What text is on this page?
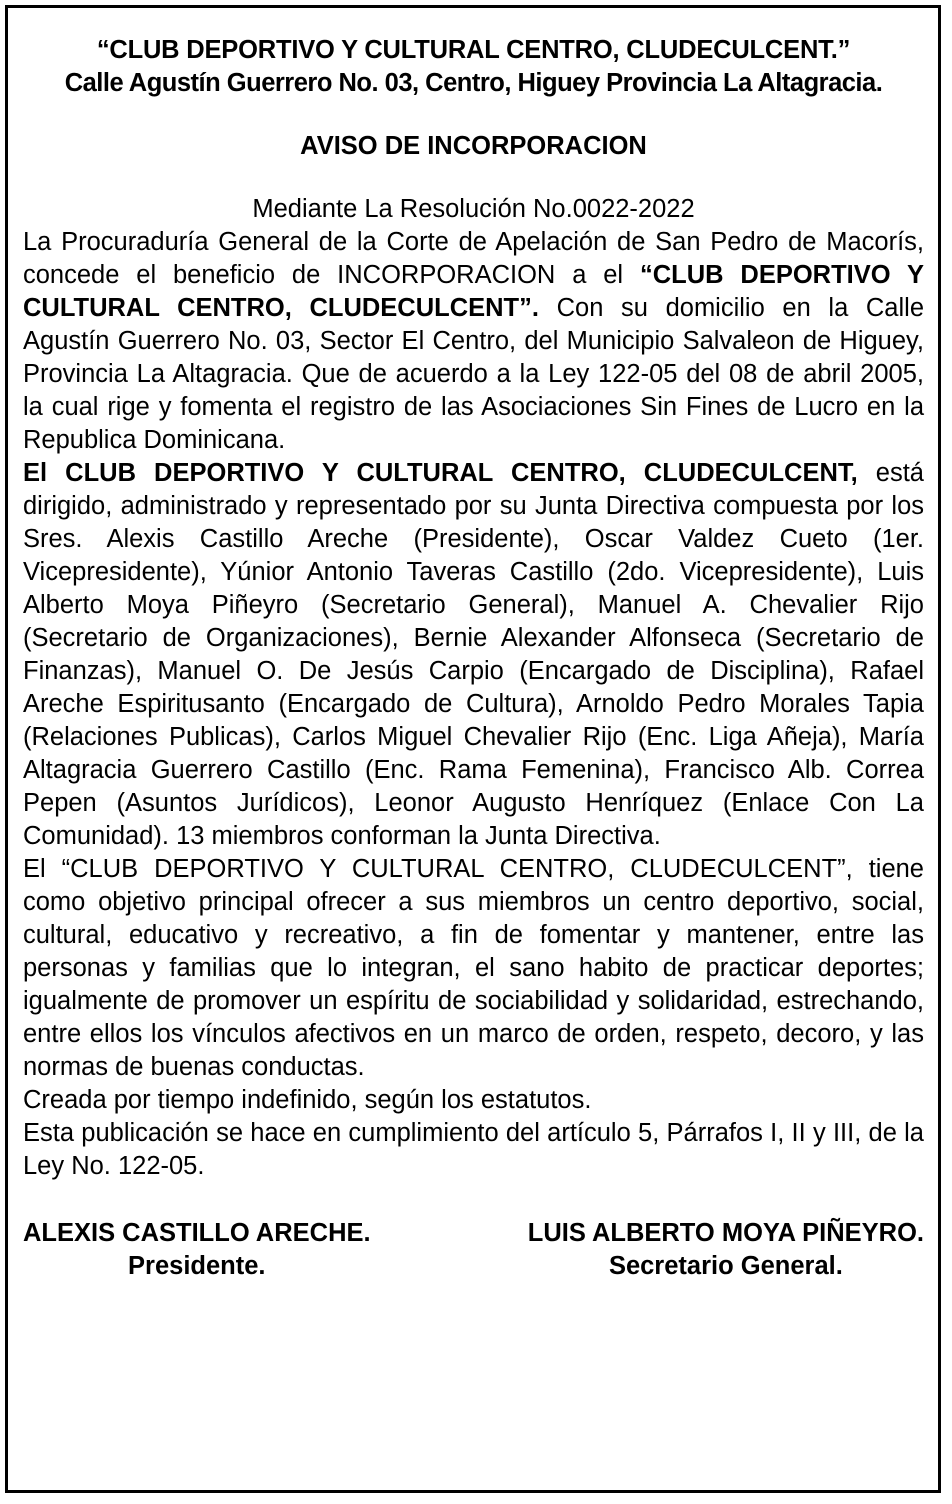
“CLUB DEPORTIVO Y CULTURAL CENTRO, CLUDECULCENT.”
Calle Agustín Guerrero No. 03, Centro, Higuey Provincia La Altagracia.
AVISO DE INCORPORACION
Mediante La Resolución No.0022-2022

La Procuraduría General de la Corte de Apelación de San Pedro de Macorís, concede el beneficio de INCORPORACION a el “CLUB DEPORTIVO Y CULTURAL CENTRO, CLUDECULCENT”. Con su domicilio en la Calle Agustín Guerrero No. 03, Sector El Centro, del Municipio Salvaleon de Higuey, Provincia La Altagracia. Que de acuerdo a la Ley 122-05 del 08 de abril 2005, la cual rige y fomenta el registro de las Asociaciones Sin Fines de Lucro en la Republica Dominicana.

El CLUB DEPORTIVO Y CULTURAL CENTRO, CLUDECULCENT, está dirigido, administrado y representado por su Junta Directiva compuesta por los Sres. Alexis Castillo Areche (Presidente), Oscar Valdez Cueto (1er. Vicepresidente), Yúnior Antonio Taveras Castillo (2do. Vicepresidente), Luis Alberto Moya Piñeyro (Secretario General), Manuel A. Chevalier Rijo (Secretario de Organizaciones), Bernie Alexander Alfonseca (Secretario de Finanzas), Manuel O. De Jesús Carpio (Encargado de Disciplina), Rafael Areche Espiritusanto (Encargado de Cultura), Arnoldo Pedro Morales Tapia (Relaciones Publicas), Carlos Miguel Chevalier Rijo (Enc. Liga Añeja), María Altagracia Guerrero Castillo (Enc. Rama Femenina), Francisco Alb. Correa Pepen (Asuntos Jurídicos), Leonor Augusto Henríquez (Enlace Con La Comunidad). 13 miembros conforman la Junta Directiva.

El “CLUB DEPORTIVO Y CULTURAL CENTRO, CLUDECULCENT”, tiene como objetivo principal ofrecer a sus miembros un centro deportivo, social, cultural, educativo y recreativo, a fin de fomentar y mantener, entre las personas y familias que lo integran, el sano habito de practicar deportes; igualmente de promover un espíritu de sociabilidad y solidaridad, estrechando, entre ellos los vínculos afectivos en un marco de orden, respeto, decoro, y las normas de buenas conductas.

Creada por tiempo indefinido, según los estatutos.

Esta publicación se hace en cumplimiento del artículo 5, Párrafos I, II y III, de la Ley No. 122-05.

ALEXIS CASTILLO ARECHE.
Presidente.
LUIS ALBERTO MOYA PIÑEYRO.
Secretario General.
